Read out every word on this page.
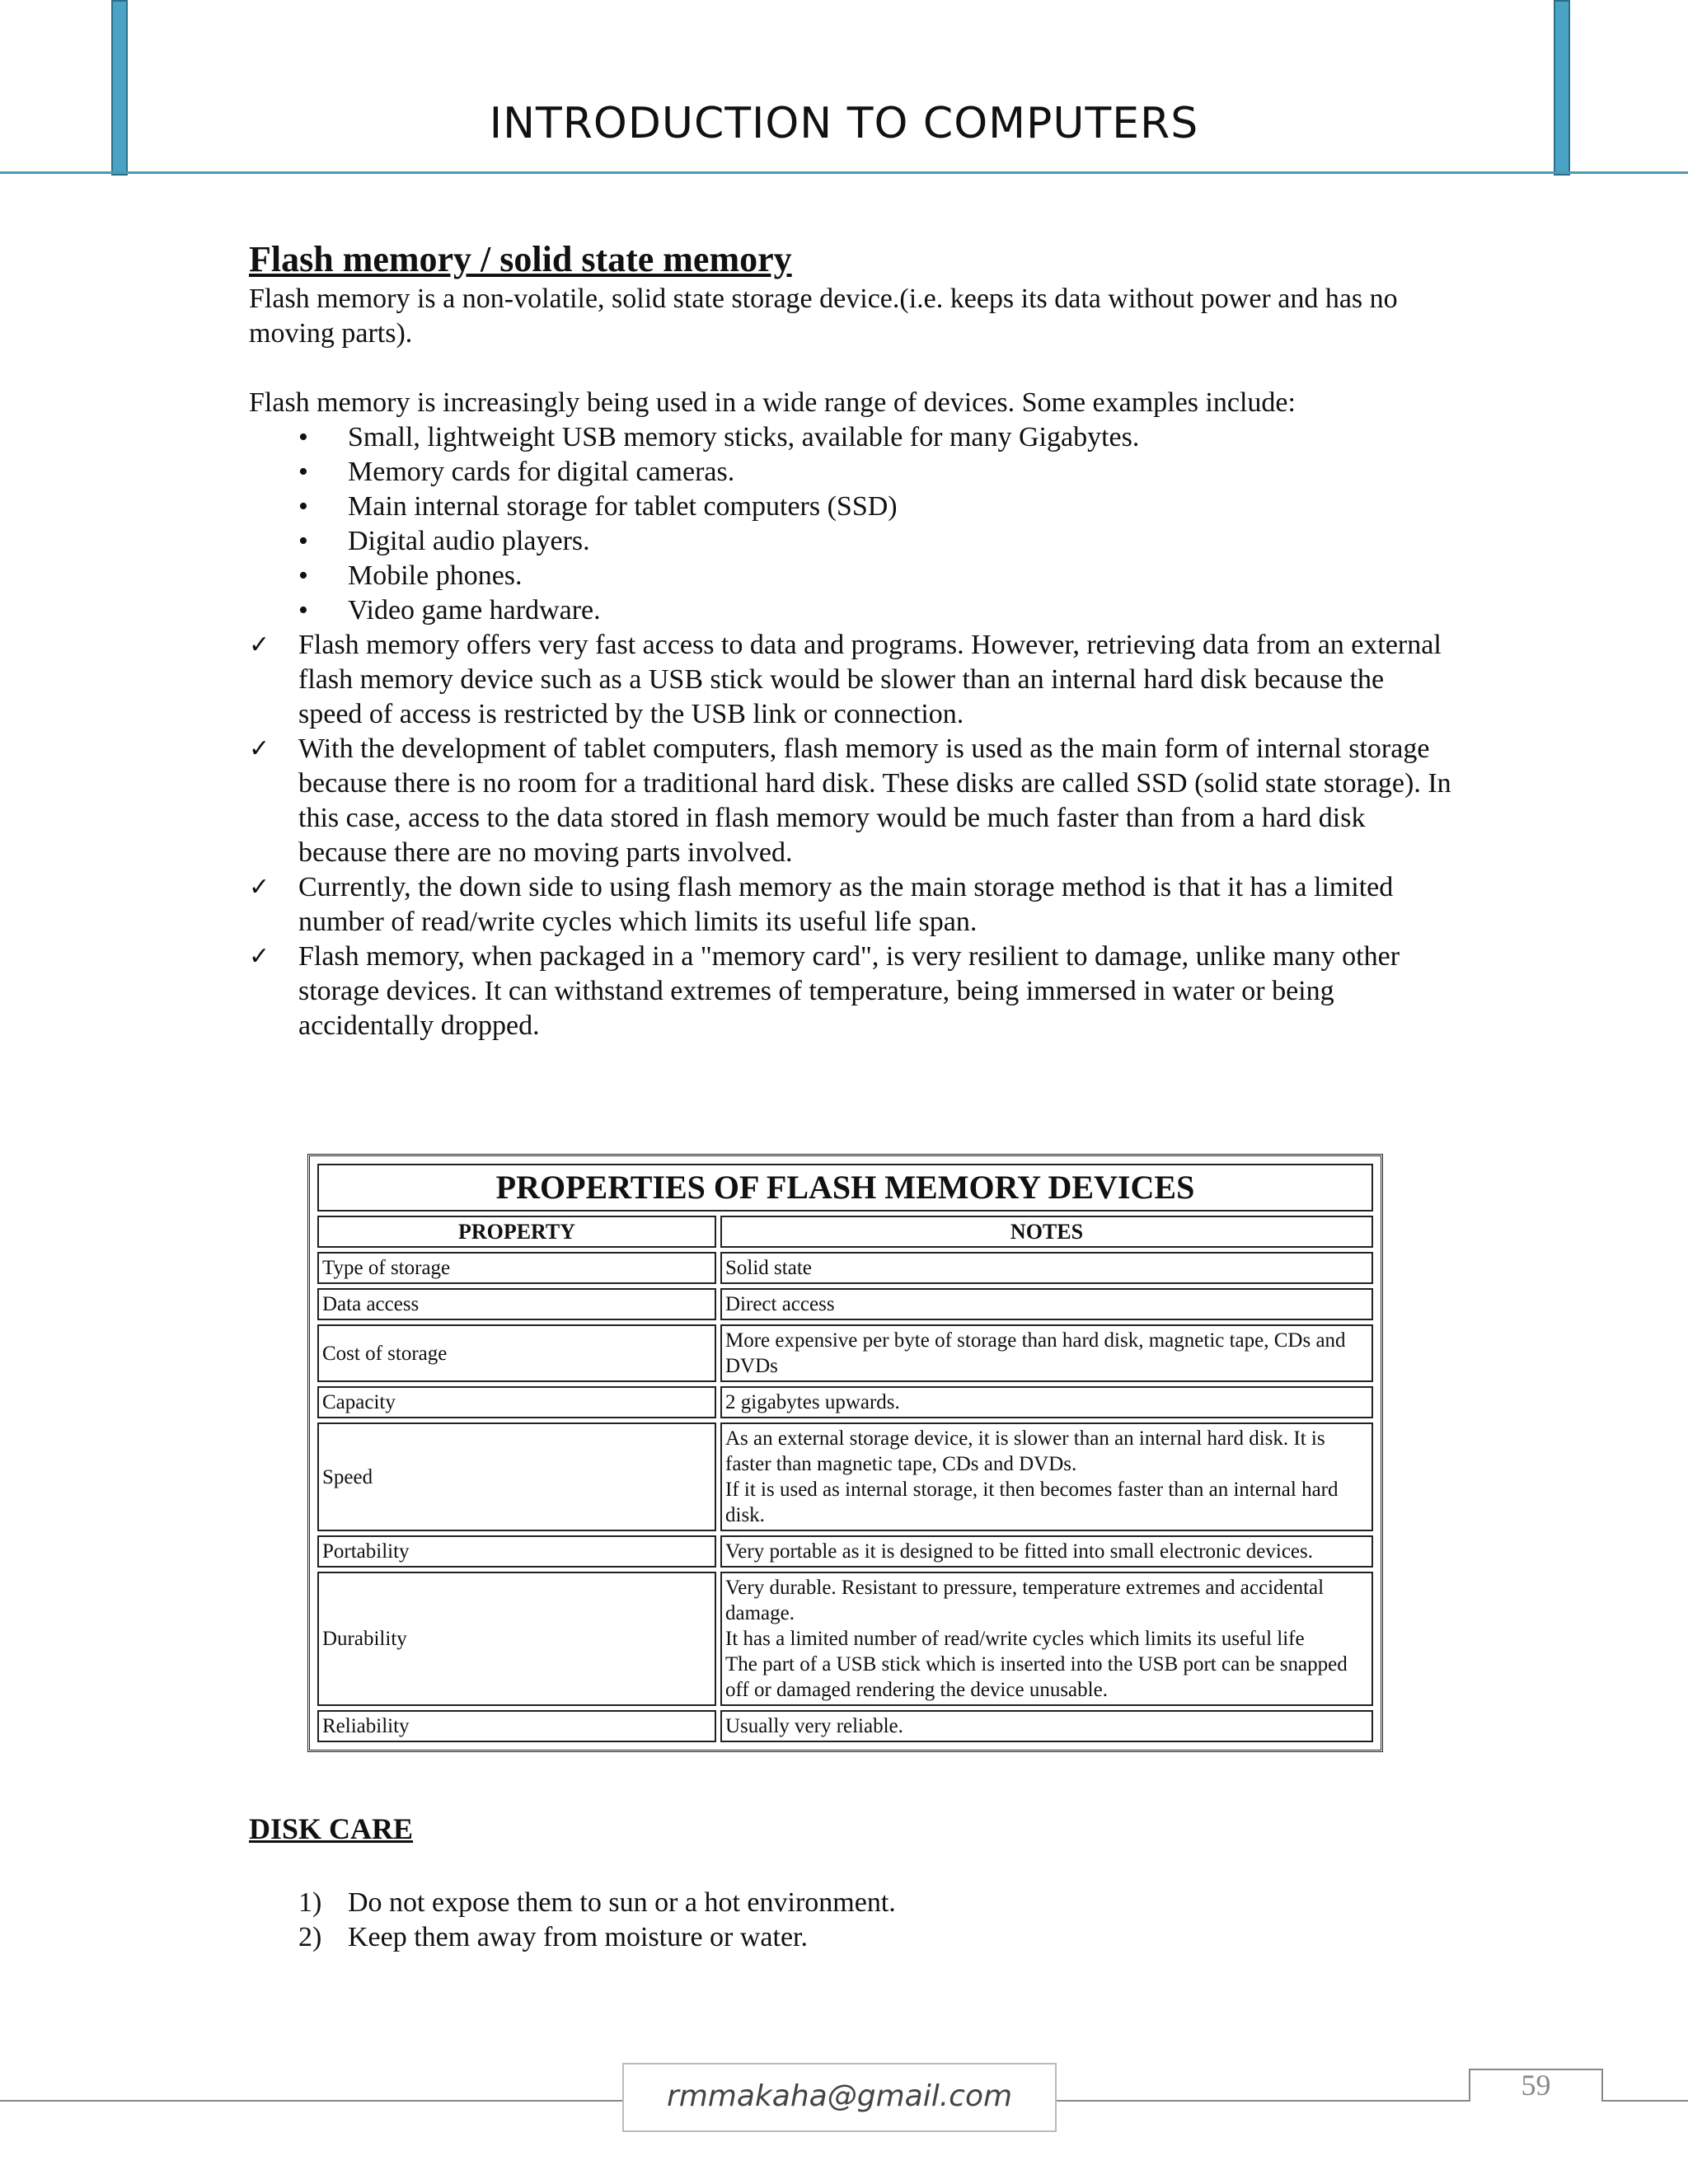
INTRODUCTION TO COMPUTERS
Flash memory / solid state memory

Flash memory is a non-volatile, solid state storage device.(i.e. keeps its data without power and has no moving parts).

Flash memory is increasingly being used in a wide range of devices. Some examples include:

• Small, lightweight USB memory sticks, available for many Gigabytes.
• Memory cards for digital cameras.
• Main internal storage for tablet computers (SSD)
• Digital audio players.
• Mobile phones.
• Video game hardware.
✓ Flash memory offers very fast access to data and programs. However, retrieving data from an external flash memory device such as a USB stick would be slower than an internal hard disk because the speed of access is restricted by the USB link or connection.
✓ With the development of tablet computers, flash memory is used as the main form of internal storage because there is no room for a traditional hard disk. These disks are called SSD (solid state storage). In this case, access to the data stored in flash memory would be much faster than from a hard disk because there are no moving parts involved.
✓ Currently, the down side to using flash memory as the main storage method is that it has a limited number of read/write cycles which limits its useful life span.
✓ Flash memory, when packaged in a "memory card", is very resilient to damage, unlike many other storage devices. It can withstand extremes of temperature, being immersed in water or being accidentally dropped.
PROPERTIES OF FLASH MEMORY DEVICES	
PROPERTY	NOTES
Type of storage	Solid state

Data access	Direct access

Cost of storage	More expensive per byte of storage than hard disk, magnetic tape, CDs and DVDs

Capacity	2 gigabytes upwards.

Speed	As an external storage device, it is slower than an internal hard disk. It is faster than magnetic tape, CDs and DVDs.
If it is used as internal storage, it then becomes faster than an internal hard disk.

Portability	Very portable as it is designed to be fitted into small electronic devices.

Durability	Very durable. Resistant to pressure, temperature extremes and accidental damage.
It has a limited number of read/write cycles which limits its useful life
The part of a USB stick which is inserted into the USB port can be snapped off or damaged rendering the device unusable.

Reliability	Usually very reliable.
DISK CARE
1) Do not expose them to sun or a hot environment.
2) Keep them away from moisture or water.
rmmakaha@gmail.com	59
